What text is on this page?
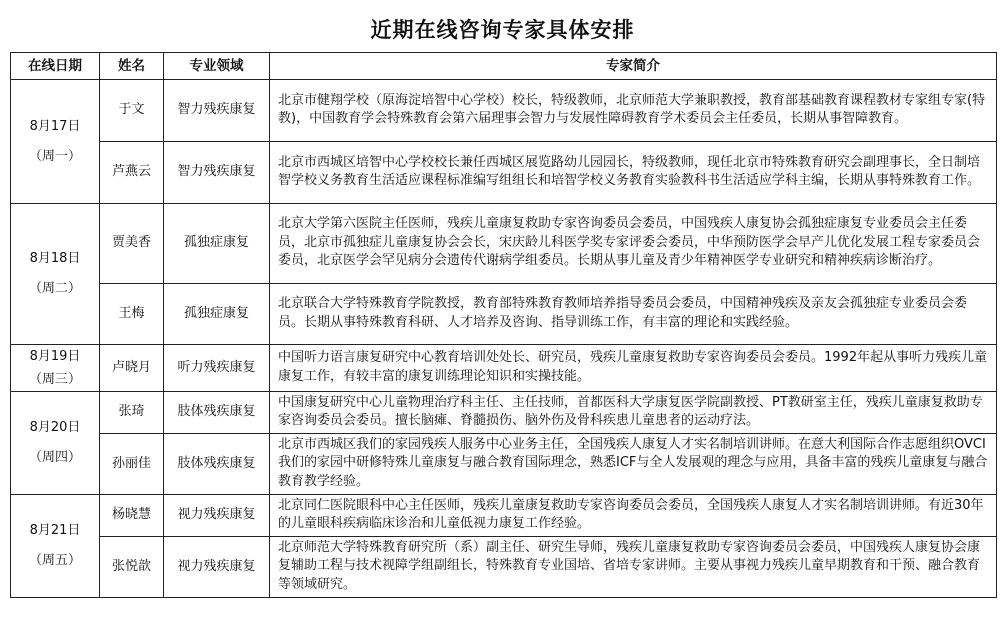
近期在线咨询专家具体安排
在线日期	姓名	专业领域	专家简介

8月17日
（周一）	于文	智力残疾康复	北京市健翔学校（原海淀培智中心学校）校长，特级教师，北京师范大学兼职教授，教育部基础教育课程教材专家组专家(特教)，中国教育学会特殊教育会第六届理事会智力与发展性障碍教育学术委员会主任委员，长期从事智障教育。
	芦燕云	智力残疾康复	北京市西城区培智中心学校校长兼任西城区展览路幼儿园园长，特级教师，现任北京市特殊教育研究会副理事长，全日制培智学校义务教育生活适应课程标准编写组组长和培智学校义务教育实验教科书生活适应学科主编，长期从事特殊教育工作。

8月18日
（周二）	贾美香	孤独症康复	北京大学第六医院主任医师，残疾儿童康复救助专家咨询委员会委员，中国残疾人康复协会孤独症康复专业委员会主任委员，北京市孤独症儿童康复协会会长，宋庆龄儿科医学奖专家评委会委员，中华预防医学会早产儿优化发展工程专家委员会委员，北京医学会罕见病分会遗传代谢病学组委员。长期从事儿童及青少年精神医学专业研究和精神疾病诊断治疗。
	王梅	孤独症康复	北京联合大学特殊教育学院教授，教育部特殊教育教师培养指导委员会委员，中国精神残疾及亲友会孤独症专业委员会委员。长期从事特殊教育科研、人才培养及咨询、指导训练工作，有丰富的理论和实践经验。

8月19日
（周三）	卢晓月	听力残疾康复	中国听力语言康复研究中心教育培训处处长、研究员，残疾儿童康复救助专家咨询委员会委员。1992年起从事听力残疾儿童康复工作，有较丰富的康复训练理论知识和实操技能。

8月20日
（周四）	张琦	肢体残疾康复	中国康复研究中心儿童物理治疗科主任、主任技师，首都医科大学康复医学院副教授、PT教研室主任，残疾儿童康复救助专家咨询委员会委员。擅长脑瘫、脊髓损伤、脑外伤及骨科疾患儿童患者的运动疗法。
	孙丽佳	肢体残疾康复	北京市西城区我们的家园残疾人服务中心业务主任，全国残疾人康复人才实名制培训讲师。在意大利国际合作志愿组织OVCI我们的家园中研修特殊儿童康复与融合教育国际理念，熟悉ICF与全人发展观的理念与应用，具备丰富的残疾儿童康复与融合教育教学经验。

8月21日
（周五）	杨晓慧	视力残疾康复	北京同仁医院眼科中心主任医师，残疾儿童康复救助专家咨询委员会委员，全国残疾人康复人才实名制培训讲师。有近30年的儿童眼科疾病临床诊治和儿童低视力康复工作经验。
	张悦歆	视力残疾康复	北京师范大学特殊教育研究所（系）副主任、研究生导师，残疾儿童康复救助专家咨询委员会委员，中国残疾人康复协会康复辅助工程与技术视障学组副组长，特殊教育专业国培、省培专家讲师。主要从事视力残疾儿童早期教育和干预、融合教育等领域研究。
